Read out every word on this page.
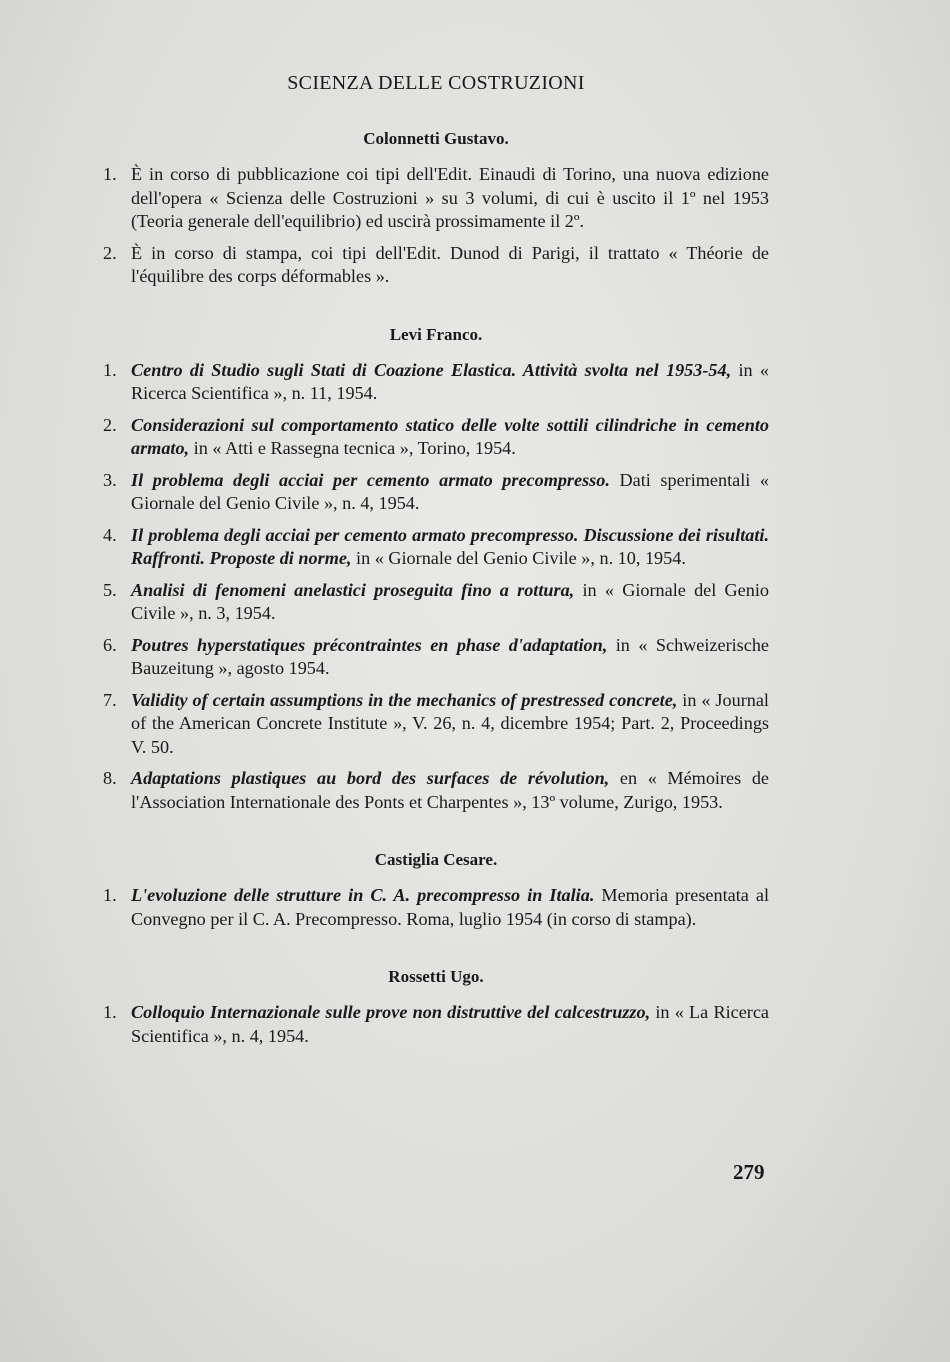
SCIENZA DELLE COSTRUZIONI
Colonnetti Gustavo.
1. È in corso di pubblicazione coi tipi dell'Edit. Einaudi di Torino, una nuova edizione dell'opera « Scienza delle Costruzioni » su 3 volumi, di cui è uscito il 1º nel 1953 (Teoria generale dell'equilibrio) ed uscirà prossimamente il 2º.
2. È in corso di stampa, coi tipi dell'Edit. Dunod di Parigi, il trattato « Théorie de l'équilibre des corps déformables ».
Levi Franco.
1. Centro di Studio sugli Stati di Coazione Elastica. Attività svolta nel 1953-54, in « Ricerca Scientifica », n. 11, 1954.
2. Considerazioni sul comportamento statico delle volte sottili cilindriche in cemento armato, in « Atti e Rassegna tecnica », Torino, 1954.
3. Il problema degli acciai per cemento armato precompresso. Dati sperimentali « Giornale del Genio Civile », n. 4, 1954.
4. Il problema degli acciai per cemento armato precompresso. Discussione dei risultati. Raffronti. Proposte di norme, in « Giornale del Genio Civile », n. 10, 1954.
5. Analisi di fenomeni anelastici proseguita fino a rottura, in « Giornale del Genio Civile », n. 3, 1954.
6. Poutres hyperstatiques précontraintes en phase d'adaptation, in « Schweizerische Bauzeitung », agosto 1954.
7. Validity of certain assumptions in the mechanics of prestressed concrete, in « Journal of the American Concrete Institute », V. 26, n. 4, dicembre 1954; Part. 2, Proceedings V. 50.
8. Adaptations plastiques au bord des surfaces de révolution, en « Mémoires de l'Association Internationale des Ponts et Charpentes », 13º volume, Zurigo, 1953.
Castiglia Cesare.
1. L'evoluzione delle strutture in C. A. precompresso in Italia. Memoria presentata al Convegno per il C. A. Precompresso. Roma, luglio 1954 (in corso di stampa).
Rossetti Ugo.
1. Colloquio Internazionale sulle prove non distruttive del calcestruzzo, in « La Ricerca Scientifica », n. 4, 1954.
279
